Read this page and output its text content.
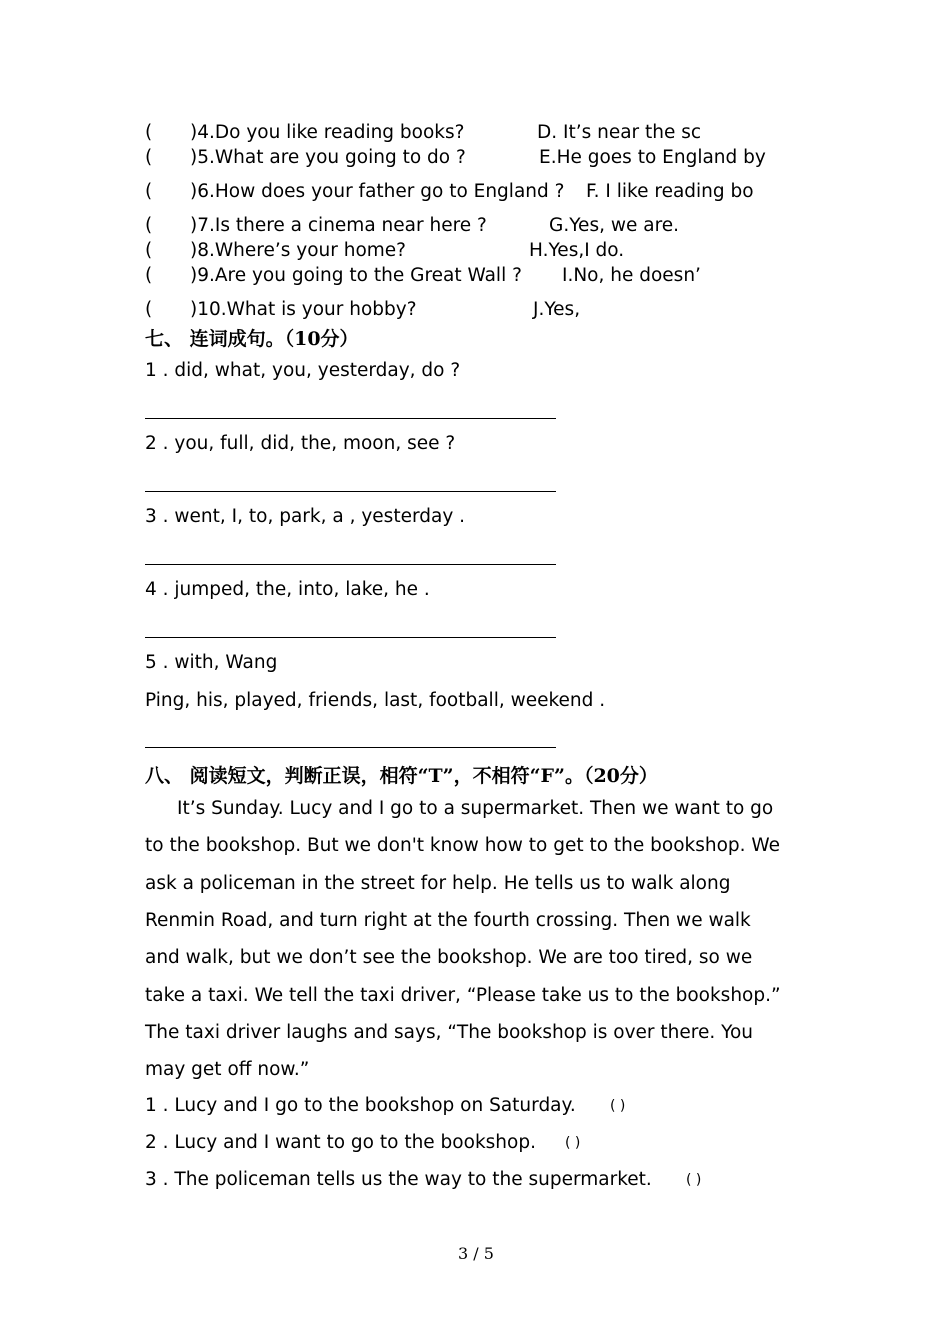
( )4.Do you like reading books?	D. It’s near the sc
( )5.What are you going to do ?	E.He goes to England by
( )6.How does your father go to England ? F. I like reading bo
( )7.Is there a cinema near here ?	G.Yes, we are.
( )8.Where’s your home?	H.Yes,I do.
( )9.Are you going to the Great Wall ? I.No, he doesn’
( )10.What is your hobby?	J.Yes,
七、 连词成句。（10分）
1 . did, what, you, yesterday, do ?
2 . you, full, did, the, moon, see ?
3 . went, I, to, park, a , yesterday .
4 . jumped, the, into, lake, he .
5 . with, Wang
Ping, his, played, friends, last, football, weekend .
八、 阅读短文，判断正误，相符“T”，不相符“F”。（20分）
It’s Sunday. Lucy and I go to a supermarket. Then we want to go
to the bookshop. But we don't know how to get to the bookshop. We
ask a policeman in the street for help. He tells us to walk along
Renmin Road, and turn right at the fourth crossing. Then we walk
and walk, but we don’t see the bookshop. We are too tired, so we
take a taxi. We tell the taxi driver, “Please take us to the bookshop.”
The taxi driver laughs and says, “The bookshop is over there. You
may get off now.”
1 . Lucy and I go to the bookshop on Saturday. ( )
2 . Lucy and I want to go to the bookshop. ( )
3 . The policeman tells us the way to the supermarket. ( )
3 / 5
